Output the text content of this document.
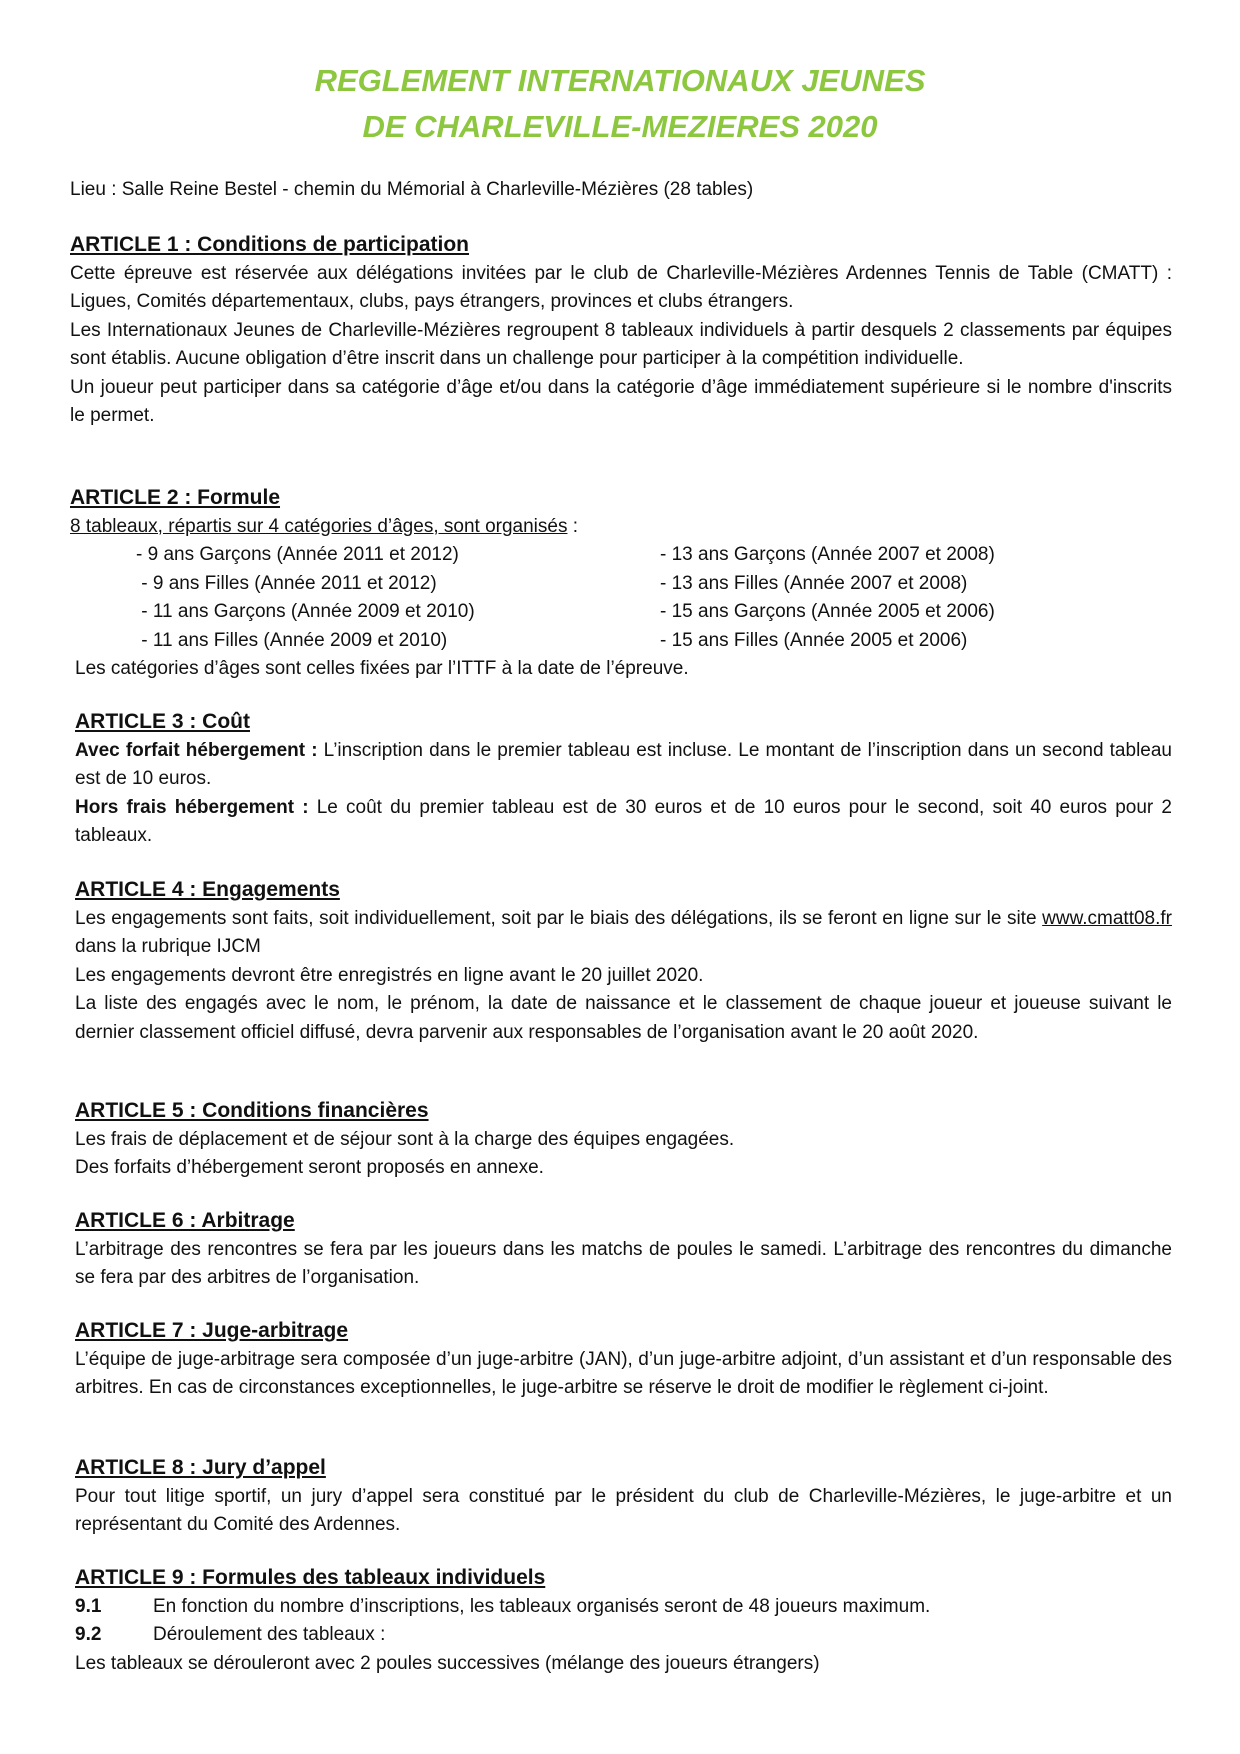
REGLEMENT INTERNATIONAUX JEUNES
DE CHARLEVILLE-MEZIERES 2020

Lieu : Salle Reine Bestel - chemin du Mémorial à Charleville-Mézières (28 tables)

ARTICLE 1 : Conditions de participation

Cette épreuve est réservée aux délégations invitées par le club de Charleville-Mézières Ardennes Tennis de Table (CMATT) : Ligues, Comités départementaux, clubs, pays étrangers, provinces et clubs étrangers.

Les Internationaux Jeunes de Charleville-Mézières regroupent 8 tableaux individuels à partir desquels 2 classements par équipes sont établis. Aucune obligation d’être inscrit dans un challenge pour participer à la compétition individuelle.

Un joueur peut participer dans sa catégorie d’âge et/ou dans la catégorie d’âge immédiatement supérieure si le nombre d'inscrits le permet.

ARTICLE 2 : Formule
8 tableaux, répartis sur 4 catégories d’âges, sont organisés :
- 9 ans Garçons (Année 2011 et 2012)
- 9 ans Filles (Année 2011 et 2012)
- 11 ans Garçons (Année 2009 et 2010)
- 11 ans Filles (Année 2009 et 2010)
- 13 ans Garçons (Année 2007 et 2008)
- 13 ans Filles (Année 2007 et 2008)
- 15 ans Garçons (Année 2005 et 2006)
- 15 ans Filles (Année 2005 et 2006)
Les catégories d’âges sont celles fixées par l’ITTF à la date de l’épreuve.
ARTICLE 3 : Coût

Avec forfait hébergement : L’inscription dans le premier tableau est incluse. Le montant de l’inscription dans un second tableau est de 10 euros.

Hors frais hébergement : Le coût du premier tableau est de 30 euros et de 10 euros pour le second, soit 40 euros pour 2 tableaux.

ARTICLE 4 : Engagements

Les engagements sont faits, soit individuellement, soit par le biais des délégations, ils se feront en ligne sur le site www.cmatt08.fr dans la rubrique IJCM

Les engagements devront être enregistrés en ligne avant le 20 juillet 2020.

La liste des engagés avec le nom, le prénom, la date de naissance et le classement de chaque joueur et joueuse suivant le dernier classement officiel diffusé, devra parvenir aux responsables de l’organisation avant le 20 août 2020.

ARTICLE 5 : Conditions financières

Les frais de déplacement et de séjour sont à la charge des équipes engagées.

Des forfaits d’hébergement seront proposés en annexe.

ARTICLE 6 : Arbitrage

L’arbitrage des rencontres se fera par les joueurs dans les matchs de poules le samedi. L’arbitrage des rencontres du dimanche se fera par des arbitres de l’organisation.

ARTICLE 7 : Juge-arbitrage

L’équipe de juge-arbitrage sera composée d’un juge-arbitre (JAN), d’un juge-arbitre adjoint, d’un assistant et d’un responsable des arbitres. En cas de circonstances exceptionnelles, le juge-arbitre se réserve le droit de modifier le règlement ci-joint.

ARTICLE 8 : Jury d’appel

Pour tout litige sportif, un jury d’appel sera constitué par le président du club de Charleville-Mézières, le juge-arbitre et un représentant du Comité des Ardennes.

ARTICLE 9 : Formules des tableaux individuels
9.1	En fonction du nombre d’inscriptions, les tableaux organisés seront de 48 joueurs maximum.
9.2	Déroulement des tableaux :

Les tableaux se dérouleront avec 2 poules successives (mélange des joueurs étrangers)
